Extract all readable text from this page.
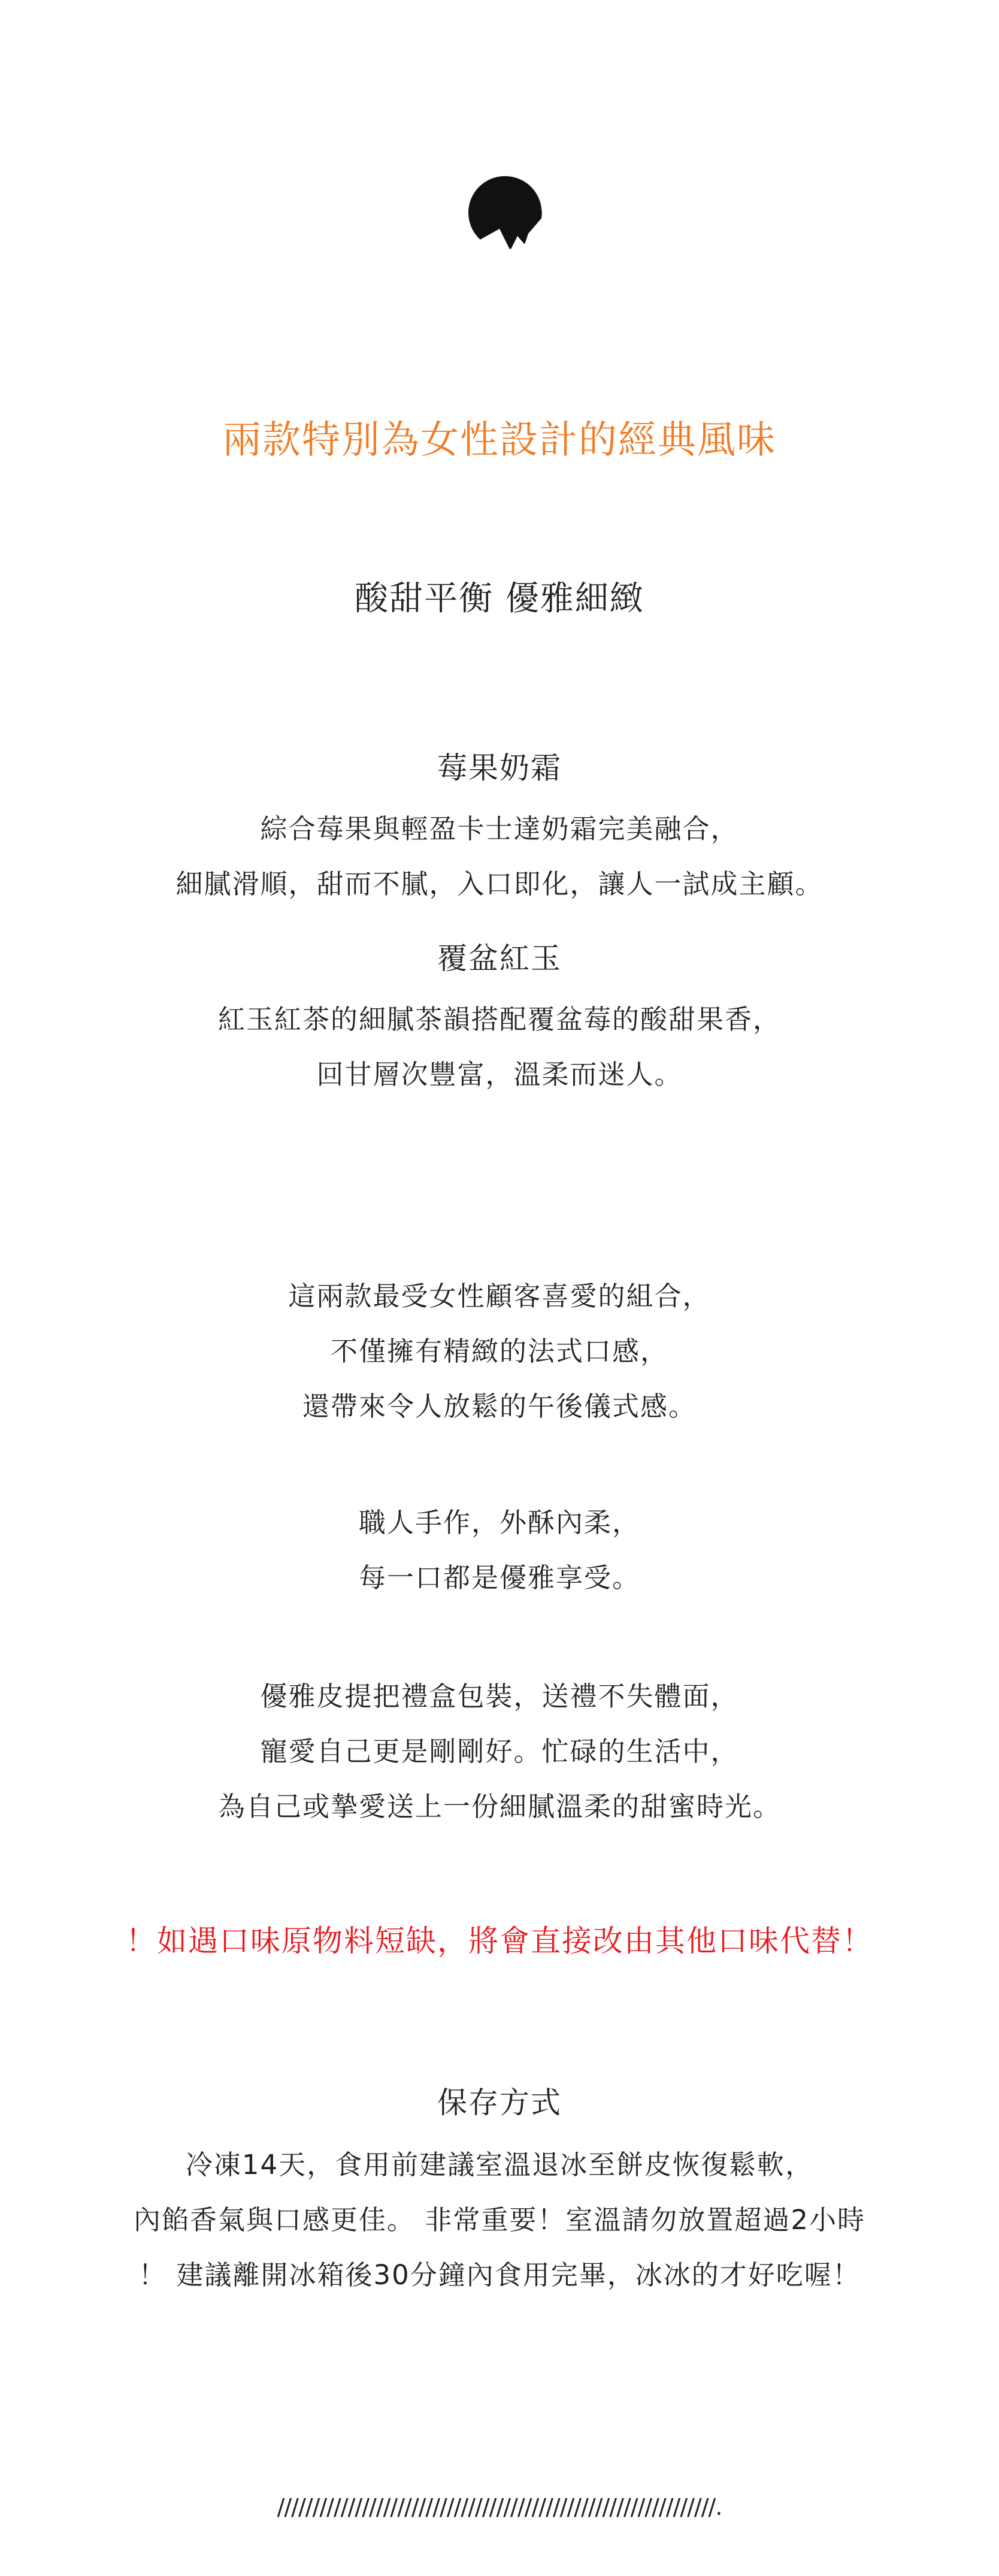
兩款特別為女性設計的經典風味
酸甜平衡 優雅細緻
莓果奶霜
綜合莓果與輕盈卡士達奶霜完美融合，
細膩滑順，甜而不膩，入口即化，讓人一試成主顧。
覆盆紅玉
紅玉紅茶的細膩茶韻搭配覆盆莓的酸甜果香，
回甘層次豐富，溫柔而迷人。
這兩款最受女性顧客喜愛的組合，
不僅擁有精緻的法式口感，
還帶來令人放鬆的午後儀式感。
職人手作，外酥內柔，
每一口都是優雅享受。
優雅皮提把禮盒包裝，送禮不失體面，
寵愛自己更是剛剛好。忙碌的生活中，
為自己或摯愛送上一份細膩溫柔的甜蜜時光。
！如遇口味原物料短缺，將會直接改由其他口味代替！
保存方式
冷凍14天，食用前建議室溫退冰至餅皮恢復鬆軟，
內餡香氣與口感更佳。 非常重要！室溫請勿放置超過2小時
！ 建議離開冰箱後30分鐘內食用完畢，冰冰的才好吃喔！
//////////////////////////////////////////////////////////////.
